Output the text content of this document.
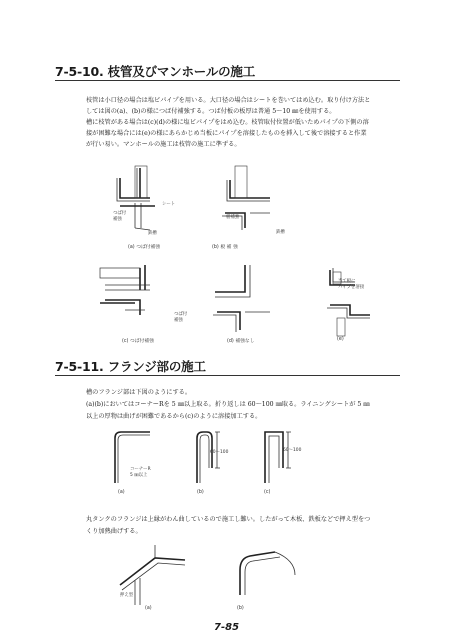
7-5-10. 枝管及びマンホールの施工
枝管は小口径の場合は塩ビパイプを用いる。大口径の場合はシートを巻いてはめ込む。取り付け方法と
しては図の(a)、(b)の様につば付補強する。つば付板の板厚は普通 5～10 ㎜を使用する。
槽に枝管がある場合は(c)(d)の様に塩ビパイプをはめ込む。枝管取付位置が低いためパイプの下側の溶
接が困難な場合には(e)の様にあらかじめ当板にパイプを溶接したものを挿入して後で溶接すると作業
が行い易い。マンホールの施工は枝管の施工に準ずる。
シート
つば付
補強
鉄槽
板補強
鉄槽
(a) つば付補強	(b) 板 補 強
つば付
補強
当て板に
パイプを溶接
(c) つば付補強	(d) 補強なし	(e)
7-5-11. フランジ部の施工
槽のフランジ部は下図のようにする。
(a)(b)においてはコーナーRを 5 ㎜以上取る。折り返しは 60～100 ㎜取る。ライニングシートが 5 ㎜
以上の厚物は曲げが困難であるから(c)のように溶接加工する。
コーナーR
5 ㎜以上
60～100	60～100
(a)	(b)	(c)
丸タンクのフランジは上縁がわん曲しているので施工し難い。したがって木板、鉄板などで押え型をつ
くり加熱曲げする。
押え型
(a)	(b)
7-85
